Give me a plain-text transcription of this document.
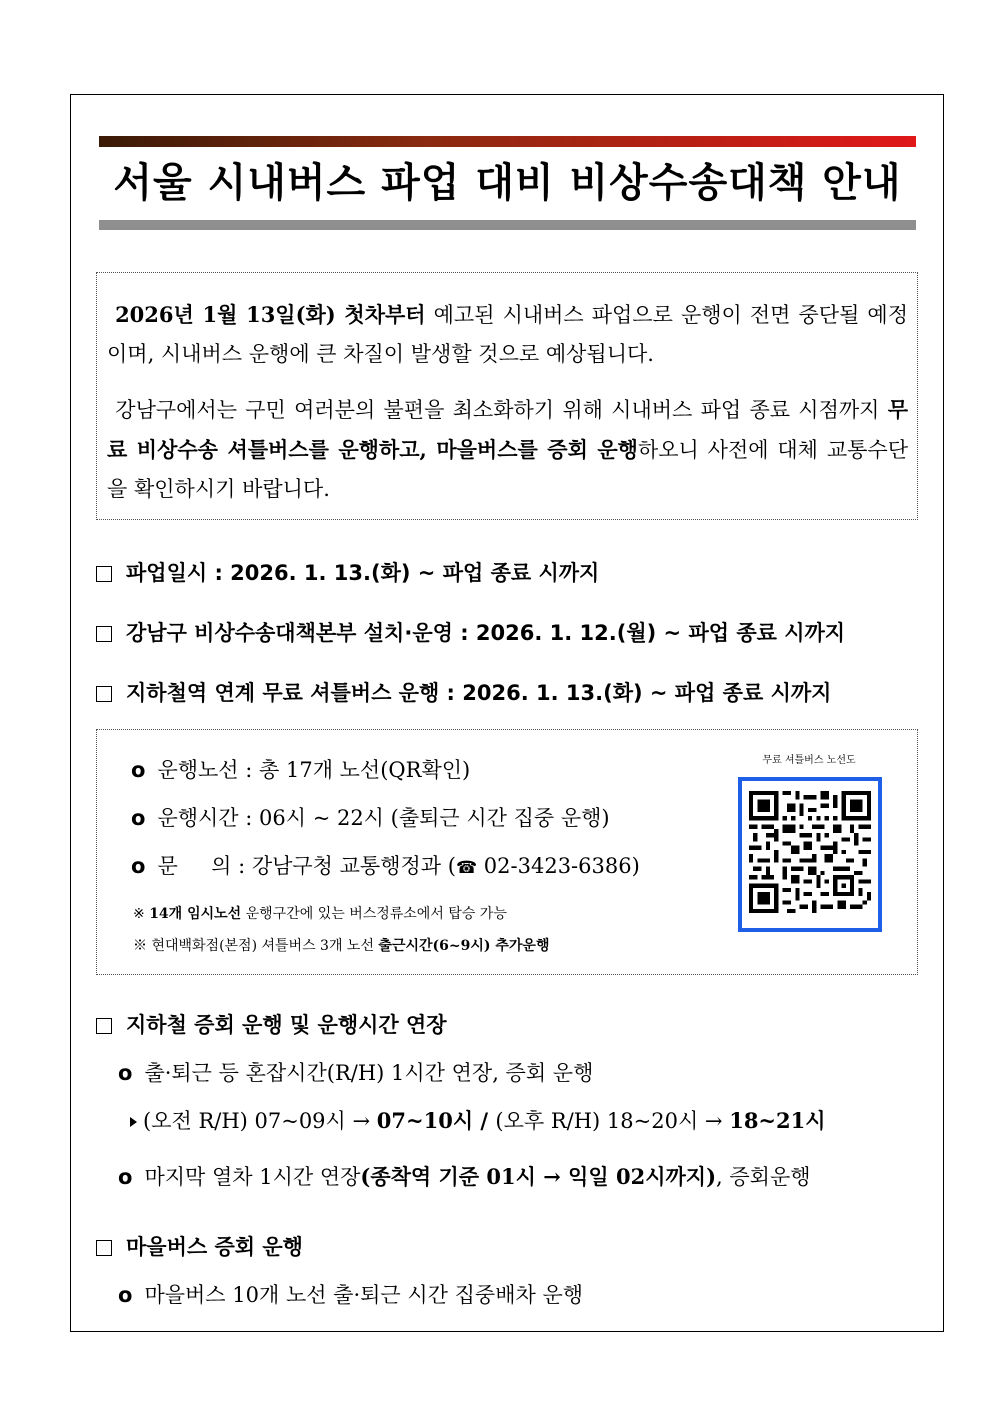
서울 시내버스 파업 대비 비상수송대책 안내

2026년 1월 13일(화) 첫차부터 예고된 시내버스 파업으로 운행이 전면 중단될 예정이며, 시내버스 운행에 큰 차질이 발생할 것으로 예상됩니다.

강남구에서는 구민 여러분의 불편을 최소화하기 위해 시내버스 파업 종료 시점까지 무료 비상수송 셔틀버스를 운행하고, 마을버스를 증회 운행하오니 사전에 대체 교통수단을 확인하시기 바랍니다.

파업일시 : 2026. 1. 13.(화) ~ 파업 종료 시까지
강남구 비상수송대책본부 설치·운영 : 2026. 1. 12.(월) ~ 파업 종료 시까지
지하철역 연계 무료 셔틀버스 운행 : 2026. 1. 13.(화) ~ 파업 종료 시까지
o 운행노선 : 총 17개 노선(QR확인)
o 운행시간 : 06시 ~ 22시 (출퇴근 시간 집중 운행)
o 문     의 : 강남구청 교통행정과 (☎ 02-3423-6386)
※ 14개 임시노선 운행구간에 있는 버스정류소에서 탑승 가능
※ 현대백화점(본점) 셔틀버스 3개 노선 출근시간(6~9시) 추가운행
무료 셔틀버스 노선도
지하철 증회 운행 및 운행시간 연장
o 출·퇴근 등 혼잡시간(R/H) 1시간 연장, 증회 운행
(오전 R/H) 07~09시 → 07~10시 / (오후 R/H) 18~20시 → 18~21시
o 마지막 열차 1시간 연장(종착역 기준 01시 → 익일 02시까지), 증회운행
마을버스 증회 운행
o 마을버스 10개 노선 출·퇴근 시간 집중배차 운행
